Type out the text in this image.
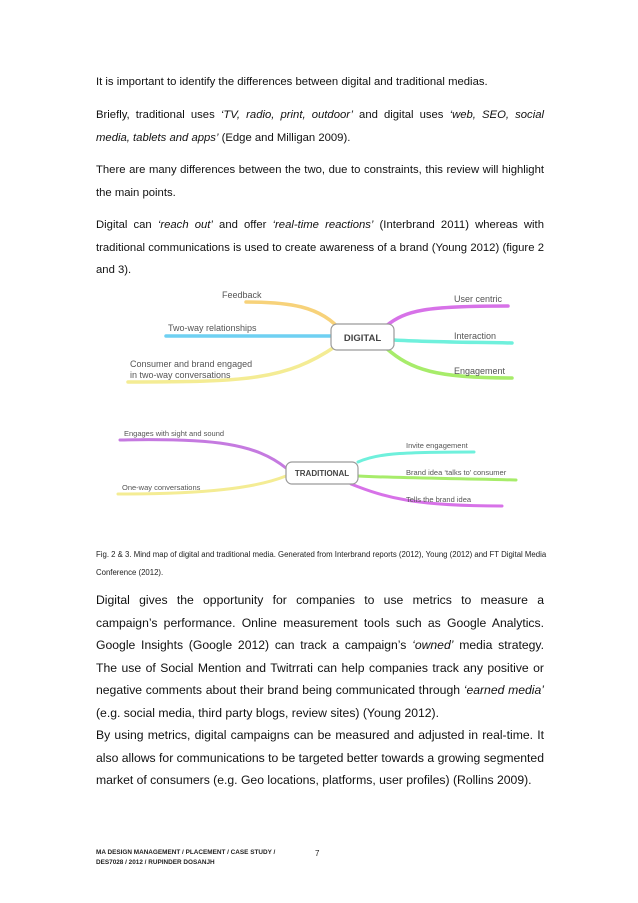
It is important to identify the differences between digital and traditional medias.

Briefly, traditional uses ‘TV, radio, print, outdoor’ and digital uses ‘web, SEO, social media, tablets and apps’ (Edge and Milligan 2009).

There are many differences between the two, due to constraints, this review will highlight the main points.

Digital can ‘reach out’ and offer ‘real-time reactions’ (Interbrand 2011) whereas with traditional communications is used to create awareness of a brand (Young 2012) (figure 2 and 3).

DIGITAL
TRADITIONAL
Feedback
Two-way relationships
Consumer and brand engaged
in two-way conversations
User centric
Interaction
Engagement
Engages with sight and sound
One-way conversations
Invite engagement
Brand idea ‘talks to’ consumer
Tells the brand idea

Fig. 2 & 3. Mind map of digital and traditional media. Generated from Interbrand reports (2012), Young (2012) and FT Digital Media Conference (2012).

Digital gives the opportunity for companies to use metrics to measure a campaign’s performance. Online measurement tools such as Google Analytics. Google Insights (Google 2012) can track a campaign’s ‘owned’ media strategy. The use of Social Mention and Twitrrati can help companies track any positive or negative comments about their brand being communicated through ‘earned media’ (e.g. social media, third party blogs, review sites) (Young 2012).

By using metrics, digital campaigns can be measured and adjusted in real-time. It also allows for communications to be targeted better towards a growing segmented market of consumers (e.g. Geo locations, platforms, user profiles) (Rollins 2009).

MA DESIGN MANAGEMENT / PLACEMENT / CASE STUDY /
DES7028 / 2012 / RUPINDER DOSANJH
7
